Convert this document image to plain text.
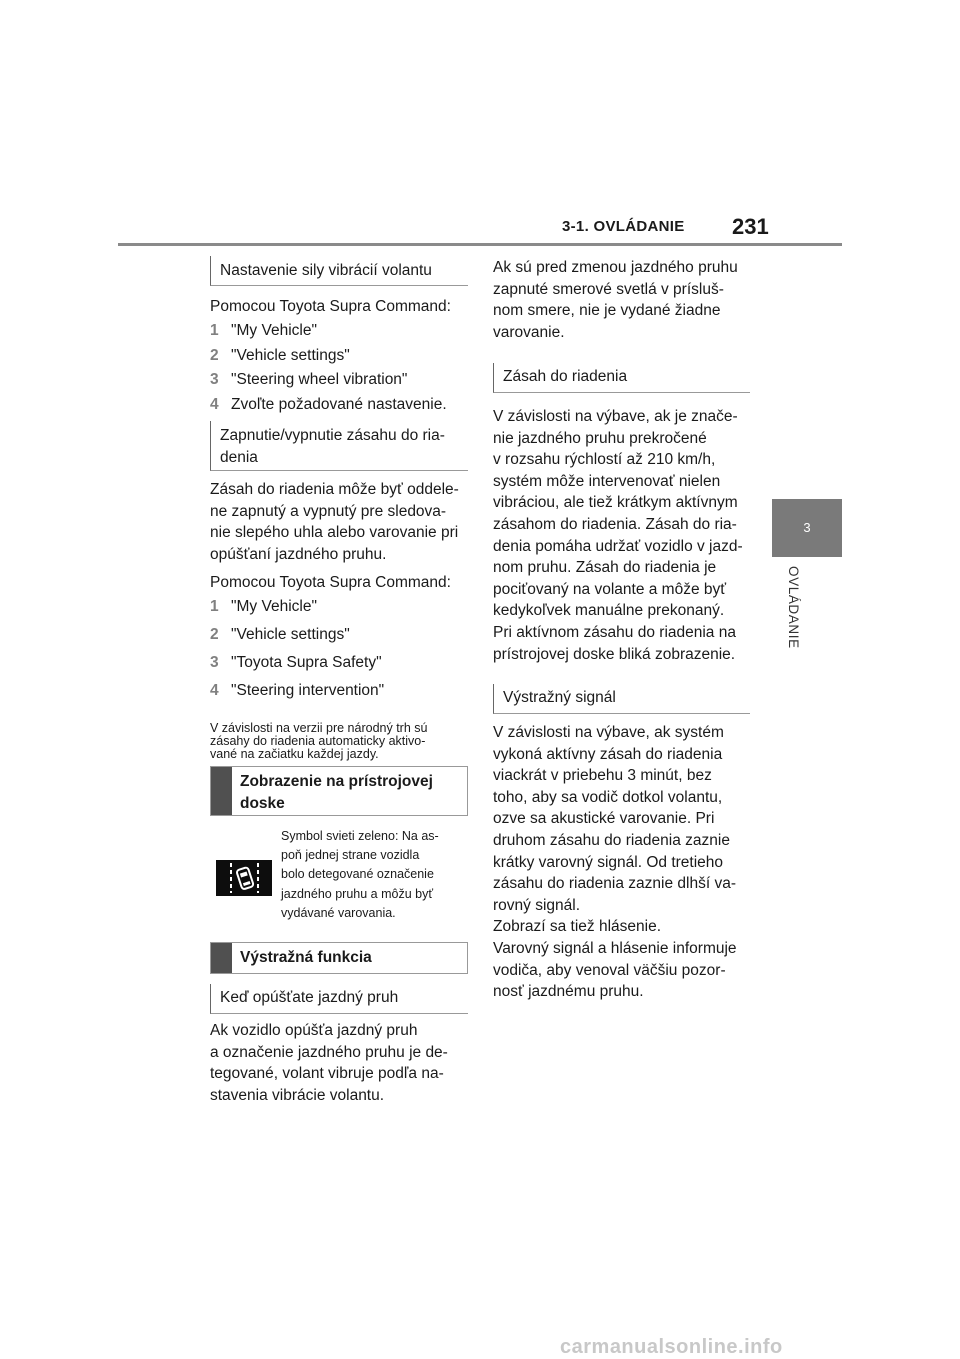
3-1. OVLÁDANIE 231
3
OVLÁDANIE
Nastavenie sily vibrácií volantu

Pomocou Toyota Supra Command:

1 "My Vehicle"
2 "Vehicle settings"
3 "Steering wheel vibration"
4 Zvoľte požadované nastavenie.
Zapnutie/vypnutie zásahu do ria-
denia

Zásah do riadenia môže byť oddele-
ne zapnutý a vypnutý pre sledova-
nie slepého uhla alebo varovanie pri
opúšťaní jazdného pruhu.

Pomocou Toyota Supra Command:

1 "My Vehicle"
2 "Vehicle settings"
3 "Toyota Supra Safety"
4 "Steering intervention"

V závislosti na verzii pre národný trh sú
zásahy do riadenia automaticky aktivo-
vané na začiatku každej jazdy.

Zobrazenie na prístrojovej
doske

Symbol svieti zeleno: Na as-
poň jednej strane vozidla
bolo detegované označenie
jazdného pruhu a môžu byť
vydávané varovania.

Výstražná funkcia
Keď opúšťate jazdný pruh

Ak vozidlo opúšťa jazdný pruh
a označenie jazdného pruhu je de-
tegované, volant vibruje podľa na-
stavenia vibrácie volantu.

Ak sú pred zmenou jazdného pruhu
zapnuté smerové svetlá v prísluš-
nom smere, nie je vydané žiadne
varovanie.

Zásah do riadenia

V závislosti na výbave, ak je znače-
nie jazdného pruhu prekročené
v rozsahu rýchlostí až 210 km/h,
systém môže intervenovať nielen
vibráciou, ale tiež krátkym aktívnym
zásahom do riadenia. Zásah do ria-
denia pomáha udržať vozidlo v jazd-
nom pruhu. Zásah do riadenia je
pociťovaný na volante a môže byť
kedykoľvek manuálne prekonaný.
Pri aktívnom zásahu do riadenia na
prístrojovej doske bliká zobrazenie.

Výstražný signál

V závislosti na výbave, ak systém
vykoná aktívny zásah do riadenia
viackrát v priebehu 3 minút, bez
toho, aby sa vodič dotkol volantu,
ozve sa akustické varovanie. Pri
druhom zásahu do riadenia zaznie
krátky varovný signál. Od tretieho
zásahu do riadenia zaznie dlhší va-
rovný signál.
Zobrazí sa tiež hlásenie.
Varovný signál a hlásenie informuje
vodiča, aby venoval väčšiu pozor-
nosť jazdnému pruhu.

carmanualsonline.info
